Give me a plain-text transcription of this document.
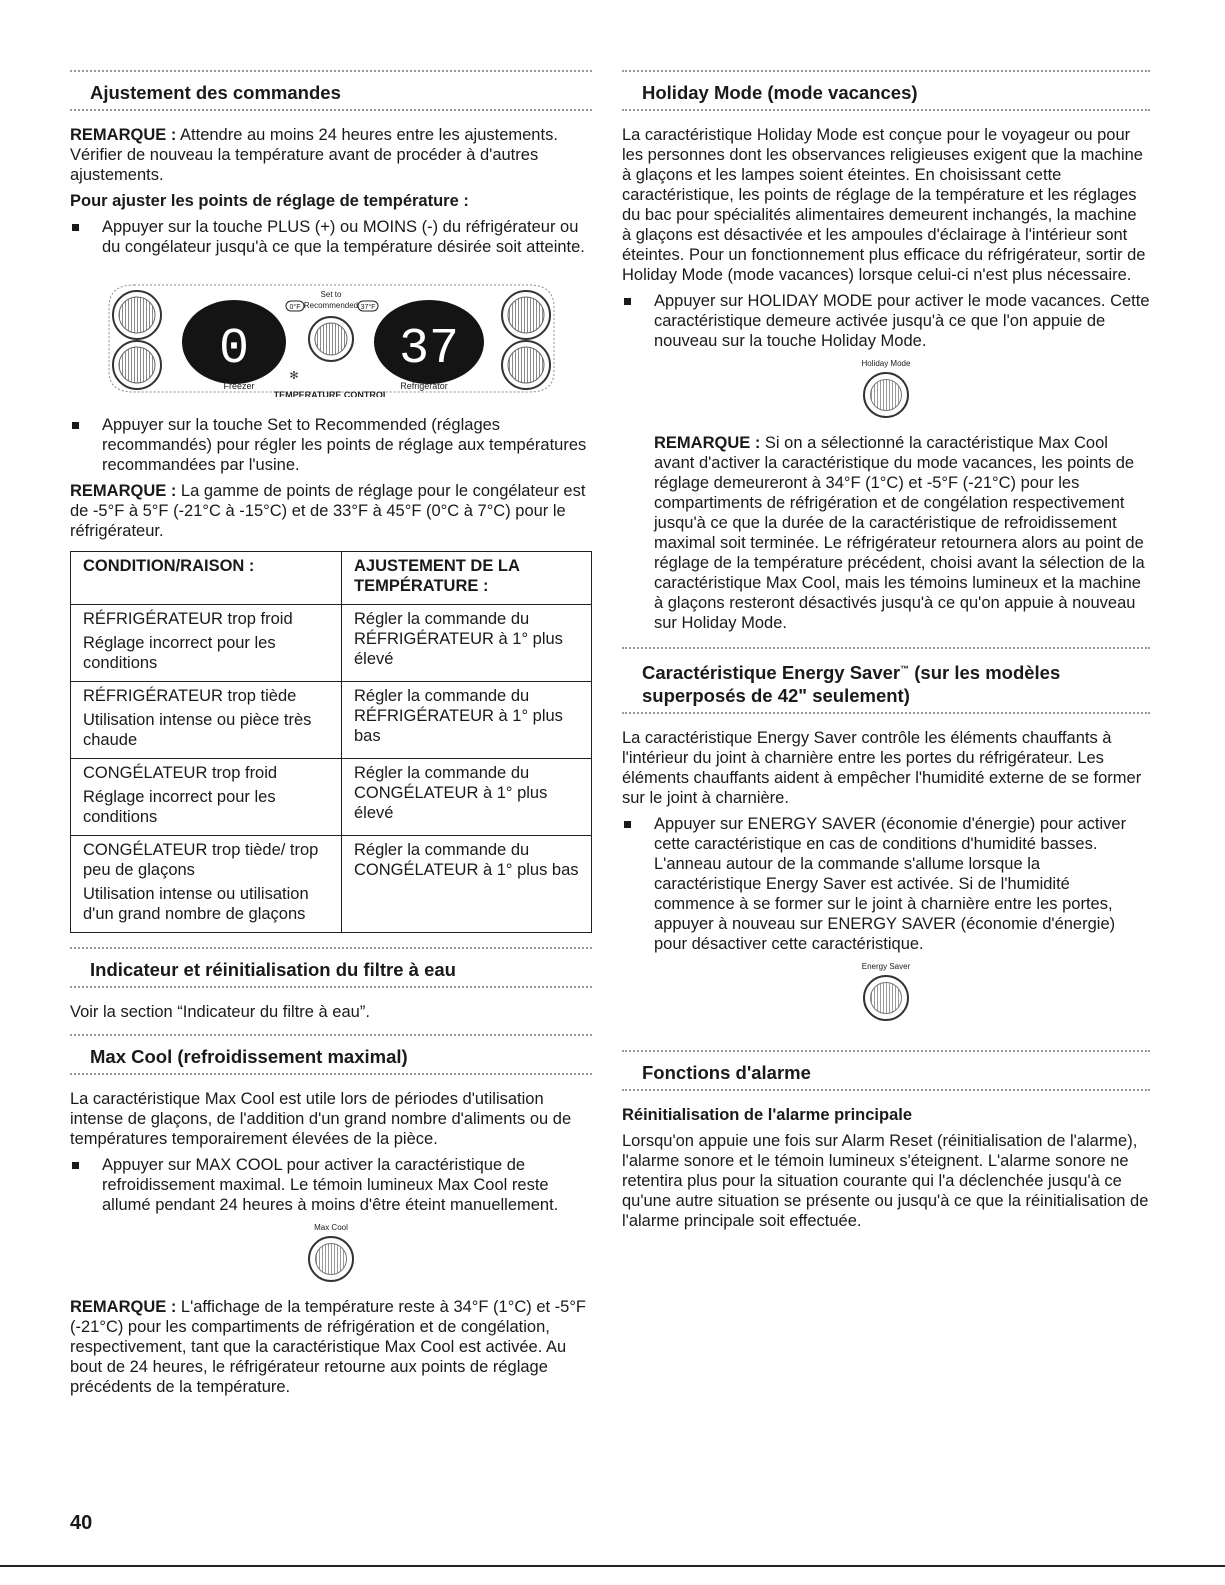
Ajustement des commandes

REMARQUE : Attendre au moins 24 heures entre les ajustements. Vérifier de nouveau la température avant de procéder à d'autres ajustements.

Pour ajuster les points de réglage de température :
Appuyer sur la touche PLUS (+) ou MOINS (-) du réfrigérateur ou du congélateur jusqu'à ce que la température désirée soit atteinte.
0	37
Set to
Recommended
0°F	37°F
✻
Freezer	Refrigerator
TEMPERATURE CONTROL
Appuyer sur la touche Set to Recommended (réglages recommandés) pour régler les points de réglage aux températures recommandées par l'usine.

REMARQUE : La gamme de points de réglage pour le congélateur est de -5°F à 5°F (-21°C à -15°C) et de 33°F à 45°F (0°C à 7°C) pour le réfrigérateur.

CONDITION/RAISON :	AJUSTEMENT DE LA TEMPÉRATURE :

RÉFRIGÉRATEUR trop froid

Réglage incorrect pour les conditions	Régler la commande du RÉFRIGÉRATEUR à 1° plus élevé

RÉFRIGÉRATEUR trop tiède

Utilisation intense ou pièce très chaude	Régler la commande du RÉFRIGÉRATEUR à 1° plus bas

CONGÉLATEUR trop froid

Réglage incorrect pour les conditions	Régler la commande du CONGÉLATEUR à 1° plus élevé

CONGÉLATEUR trop tiède/ trop peu de glaçons

Utilisation intense ou utilisation d'un grand nombre de glaçons	Régler la commande du CONGÉLATEUR à 1° plus bas
Indicateur et réinitialisation du filtre à eau

Voir la section “Indicateur du filtre à eau”.

Max Cool (refroidissement maximal)

La caractéristique Max Cool est utile lors de périodes d'utilisation intense de glaçons, de l'addition d'un grand nombre d'aliments ou de températures temporairement élevées de la pièce.

Appuyer sur MAX COOL pour activer la caractéristique de refroidissement maximal. Le témoin lumineux Max Cool reste allumé pendant 24 heures à moins d'être éteint manuellement.
Max Cool

REMARQUE : L'affichage de la température reste à 34°F (1°C) et -5°F (-21°C) pour les compartiments de réfrigération et de congélation, respectivement, tant que la caractéristique Max Cool est activée. Au bout de 24 heures, le réfrigérateur retourne aux points de réglage précédents de la température.

Holiday Mode (mode vacances)

La caractéristique Holiday Mode est conçue pour le voyageur ou pour les personnes dont les observances religieuses exigent que la machine à glaçons et les lampes soient éteintes. En choisissant cette caractéristique, les points de réglage de la température et les réglages du bac pour spécialités alimentaires demeurent inchangés, la machine à glaçons est désactivée et les ampoules d'éclairage à l'intérieur sont éteintes. Pour un fonctionnement plus efficace du réfrigérateur, sortir de Holiday Mode (mode vacances) lorsque celui-ci n'est plus nécessaire.

Appuyer sur HOLIDAY MODE pour activer le mode vacances. Cette caractéristique demeure activée jusqu'à ce que l'on appuie de nouveau sur la touche Holiday Mode.
Holiday Mode

REMARQUE : Si on a sélectionné la caractéristique Max Cool avant d'activer la caractéristique du mode vacances, les points de réglage demeureront à 34°F (1°C) et -5°F (-21°C) pour les compartiments de réfrigération et de congélation respectivement jusqu'à ce que la durée de la caractéristique de refroidissement maximal soit terminée. Le réfrigérateur retournera alors au point de réglage de la température précédent, choisi avant la sélection de la caractéristique Max Cool, mais les témoins lumineux et la machine à glaçons resteront désactivés jusqu'à ce qu'on appuie à nouveau sur Holiday Mode.

Caractéristique Energy Saver™ (sur les modèles superposés de 42" seulement)

La caractéristique Energy Saver contrôle les éléments chauffants à l'intérieur du joint à charnière entre les portes du réfrigérateur. Les éléments chauffants aident à empêcher l'humidité externe de se former sur le joint à charnière.

Appuyer sur ENERGY SAVER (économie d'énergie) pour activer cette caractéristique en cas de conditions d'humidité basses. L'anneau autour de la commande s'allume lorsque la caractéristique Energy Saver est activée. Si de l'humidité commence à se former sur le joint à charnière entre les portes, appuyer à nouveau sur ENERGY SAVER (économie d'énergie) pour désactiver cette caractéristique.
Energy Saver
Fonctions d'alarme
Réinitialisation de l'alarme principale

Lorsqu'on appuie une fois sur Alarm Reset (réinitialisation de l'alarme), l'alarme sonore et le témoin lumineux s'éteignent. L'alarme sonore ne retentira plus pour la situation courante qui l'a déclenchée jusqu'à ce qu'une autre situation se présente ou jusqu'à ce que la réinitialisation de l'alarme principale soit effectuée.

40
